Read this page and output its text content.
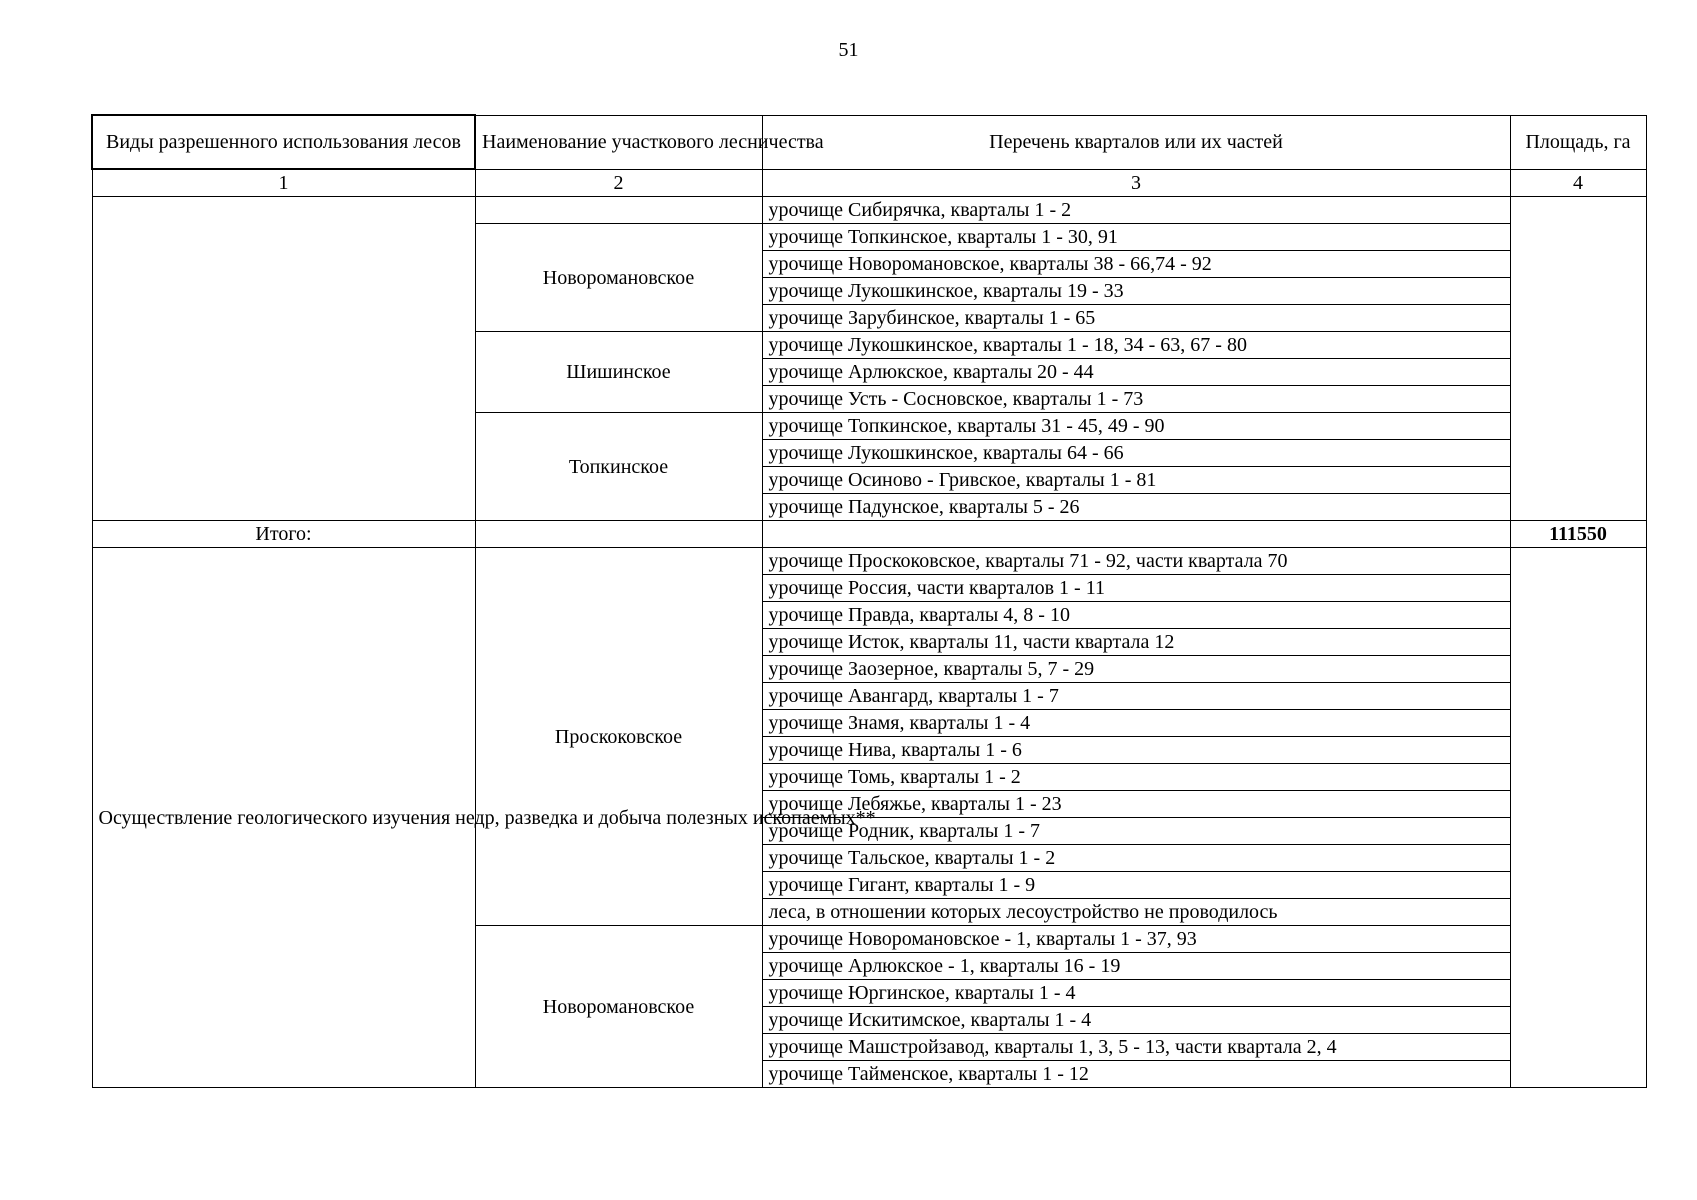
51
Виды разрешенного использования лесов	Наименование участкового лесничества	Перечень кварталов или их частей	Площадь, га
1	2	3	4
		урочище Сибирячка, кварталы 1 - 2	
	Новоромановское	урочище Топкинское, кварталы 1 - 30, 91	
		урочище Новоромановское, кварталы 38 - 66,74 - 92	
		урочище Лукошкинское, кварталы 19 - 33	
		урочище Зарубинское, кварталы 1 - 65	
	Шишинское	урочище Лукошкинское, кварталы 1 - 18, 34 - 63, 67 - 80	
		урочище Арлюкское, кварталы 20 - 44	
		урочище Усть - Сосновское, кварталы 1 - 73	
	Топкинское	урочище Топкинское, кварталы 31 - 45, 49 - 90	
		урочище Лукошкинское, кварталы 64 - 66	
		урочище Осиново - Гривское, кварталы 1 - 81	
		урочище Падунское, кварталы 5 - 26	
Итого:			111550
Осуществление геологического изучения недр, разведка и добыча полезных ископаемых**	Проскоковское	урочище Проскоковское, кварталы 71 - 92, части квартала 70	
		урочище Россия, части кварталов 1 - 11	
		урочище Правда, кварталы 4, 8 - 10	
		урочище Исток, кварталы 11, части квартала 12	
		урочище Заозерное, кварталы 5, 7 - 29	
		урочище Авангард, кварталы 1 - 7	
		урочище Знамя, кварталы 1 - 4	
		урочище Нива, кварталы 1 - 6	
		урочище Томь, кварталы 1 - 2	
		урочище Лебяжье, кварталы 1 - 23	
		урочище Родник, кварталы 1 - 7	
		урочище Тальское, кварталы 1 - 2	
		урочище Гигант, кварталы 1 - 9	
		леса, в отношении которых лесоустройство не проводилось	
	Новоромановское	урочище Новоромановское - 1, кварталы 1 - 37, 93	
		урочище Арлюкское - 1, кварталы 16 - 19	
		урочище Юргинское, кварталы 1 - 4	
		урочище Искитимское, кварталы 1 - 4	
		урочище Машстройзавод, кварталы 1, 3, 5 - 13, части квартала 2, 4	
		урочище Тайменское, кварталы 1 - 12	
